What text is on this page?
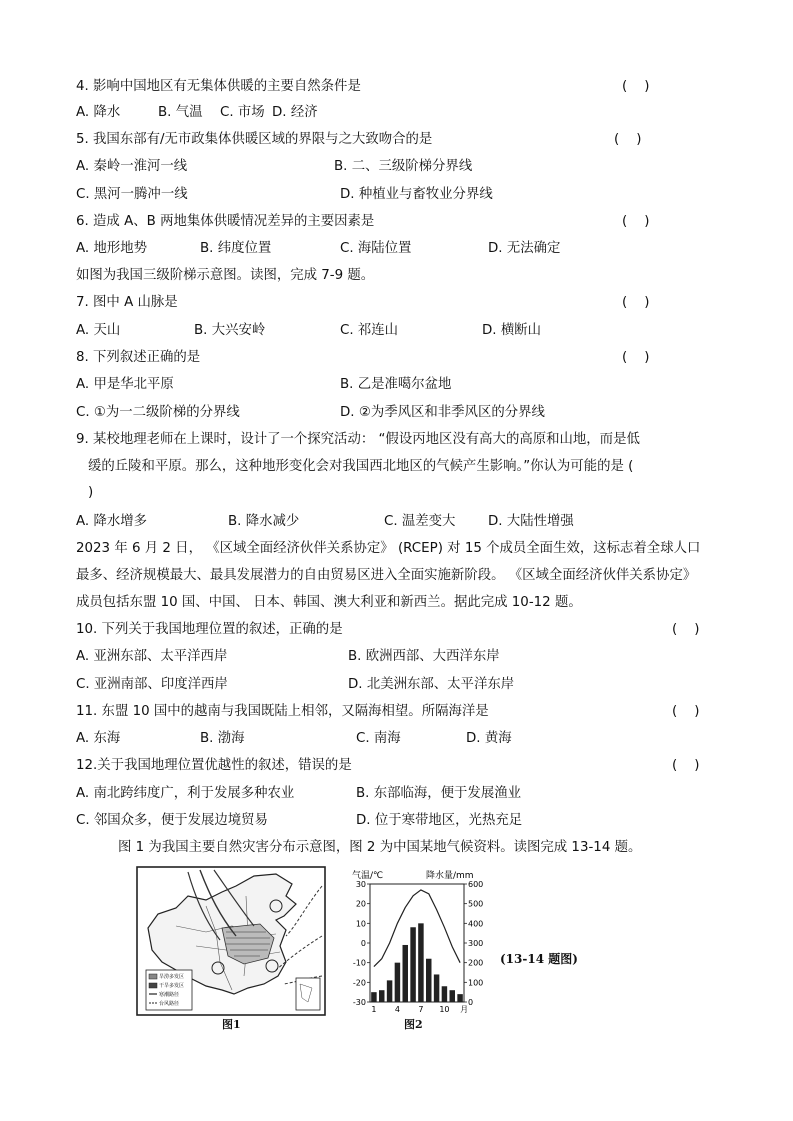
4. 影响中国地区有无集体供暖的主要自然条件是	(    )
A. 降水	B. 气温 C. 市场 D. 经济
5. 我国东部有/无市政集体供暖区域的界限与之大致吻合的是	(    )
A. 秦岭一淮河一线	B. 二、三级阶梯分界线
C. 黑河一腾冲一线	D. 种植业与畜牧业分界线
6. 造成 A、B 两地集体供暖情况差异的主要因素是	(    )
A. 地形地势	B. 纬度位置	C. 海陆位置	D. 无法确定
如图为我国三级阶梯示意图。读图，完成 7-9 题。
7. 图中 A 山脉是	(    )
A. 天山	B. 大兴安岭	C. 祁连山	D. 横断山
8. 下列叙述正确的是	(    )
A. 甲是华北平原	B. 乙是准噶尔盆地
C. ①为一二级阶梯的分界线	D. ②为季风区和非季风区的分界线
9. 某校地理老师在上课时，设计了一个探究活动： “假设丙地区没有高大的高原和山地，而是低
缓的丘陵和平原。那么，这种地形变化会对我国西北地区的气候产生影响。”你认为可能的是 (
)
A. 降水增多	B. 降水减少	C. 温差变大 D. 大陆性增强
2023 年 6 月 2 日， 《区域全面经济伙伴关系协定》 (RCEP) 对 15 个成员全面生效，这标志着全球人口
最多、经济规模最大、最具发展潜力的自由贸易区进入全面实施新阶段。 《区域全面经济伙伴关系协定》
成员包括东盟 10 国、中国、 日本、韩国、澳大利亚和新西兰。据此完成 10-12 题。
10. 下列关于我国地理位置的叙述，正确的是	(    )
A. 亚洲东部、太平洋西岸	B. 欧洲西部、大西洋东岸
C. 亚洲南部、印度洋西岸	D. 北美洲东部、太平洋东岸
11. 东盟 10 国中的越南与我国既陆上相邻，又隔海相望。所隔海洋是	(    )
A. 东海	B. 渤海	C. 南海	D. 黄海
12.关于我国地理位置优越性的叙述，错误的是	(    )
A. 南北跨纬度广，利于发展多种农业	B. 东部临海，便于发展渔业
C. 邻国众多，便于发展边境贸易	D. 位于寒带地区，光热充足
图 1 为我国主要自然灾害分布示意图，图 2 为中国某地气候资料。读图完成 13-14 题。
旱涝多发区
干旱多发区
寒潮路径
台风路径
图1
气温/℃	降水量/mm
30
20
10
0
-10
-20
-30
600
500
400
300
200
100
0
1 4 7 10 月
图2
(13-14 题图)
